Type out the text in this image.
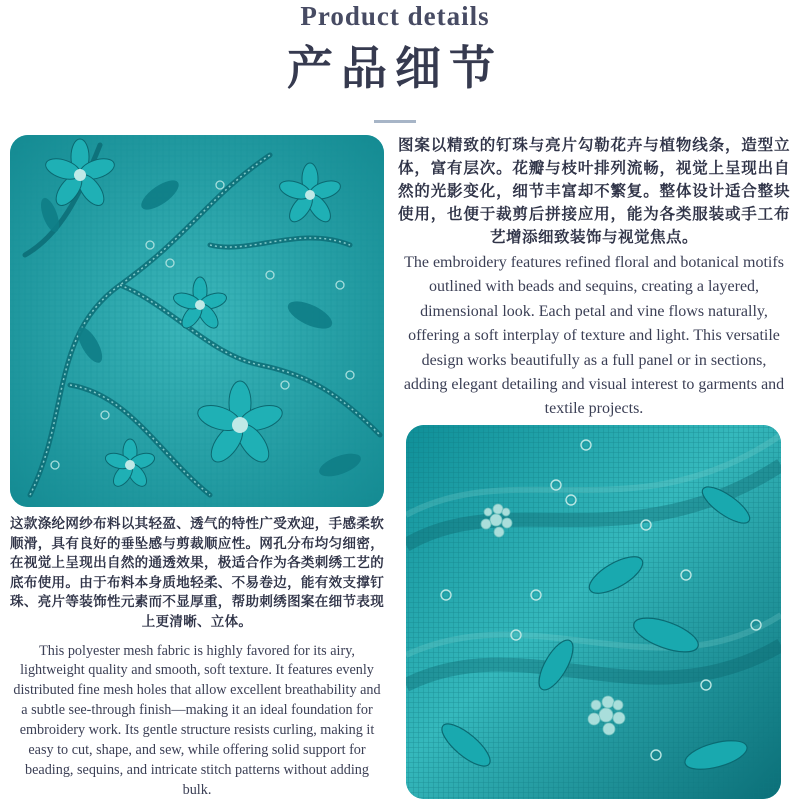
Product details
产品细节
图案以精致的钉珠与亮片勾勒花卉与植物线条，造型立体，富有层次。花瓣与枝叶排列流畅，视觉上呈现出自然的光影变化，细节丰富却不繁复。整体设计适合整块使用，也便于裁剪后拼接应用，能为各类服装或手工布艺增添细致装饰与视觉焦点。
The embroidery features refined floral and botanical motifs outlined with beads and sequins, creating a layered, dimensional look. Each petal and vine flows naturally, offering a soft interplay of texture and light. This versatile design works beautifully as a full panel or in sections, adding elegant detailing and visual interest to garments and textile projects.
这款涤纶网纱布料以其轻盈、透气的特性广受欢迎，手感柔软顺滑，具有良好的垂坠感与剪裁顺应性。网孔分布均匀细密，在视觉上呈现出自然的通透效果，极适合作为各类刺绣工艺的底布使用。由于布料本身质地轻柔、不易卷边，能有效支撑钉珠、亮片等装饰性元素而不显厚重，帮助刺绣图案在细节表现上更清晰、立体。
This polyester mesh fabric is highly favored for its airy, lightweight quality and smooth, soft texture. It features evenly distributed fine mesh holes that allow excellent breathability and a subtle see-through finish—making it an ideal foundation for embroidery work. Its gentle structure resists curling, making it easy to cut, shape, and sew, while offering solid support for beading, sequins, and intricate stitch patterns without adding bulk.
